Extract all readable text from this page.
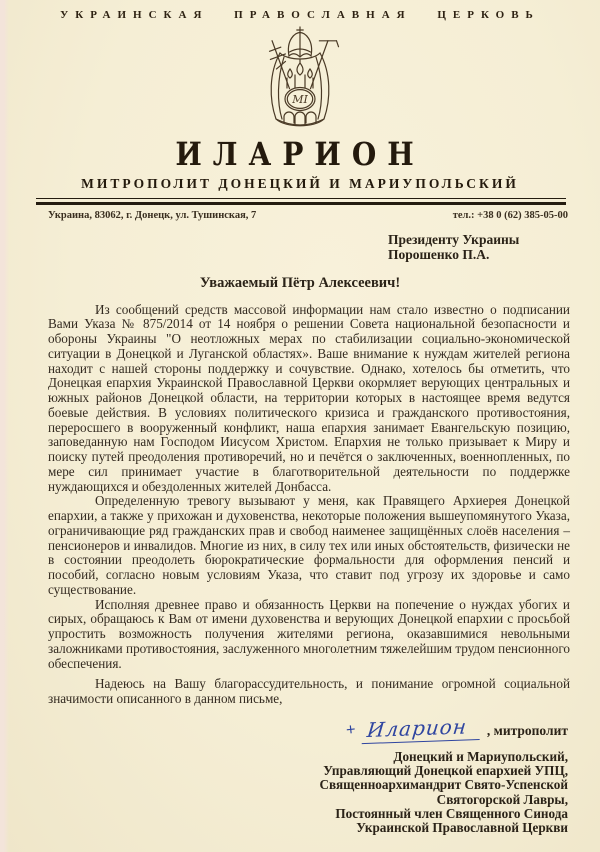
УКРАИНСКАЯ ПРАВОСЛАВНАЯ ЦЕРКОВЬ
МІ
ИЛАРИОН
МИТРОПОЛИТ ДОНЕЦКИЙ И МАРИУПОЛЬСКИЙ
Украина, 83062, г. Донецк, ул. Тушинская, 7	тел.: +38 0 (62) 385-05-00
Президенту Украины
Порошенко П.А.
Уважаемый Пётр Алексеевич!

Из сообщений средств массовой информации нам стало известно о подписании Вами Указа № 875/2014 от 14 ноября о решении Совета национальной безопасности и обороны Украины "О неотложных мерах по стабилизации социально-экономической ситуации в Донецкой и Луганской областях». Ваше внимание к нуждам жителей региона находит с нашей стороны поддержку и сочувствие. Однако, хотелось бы отметить, что Донецкая епархия Украинской Православной Церкви окормляет верующих центральных и южных районов Донецкой области, на территории которых в настоящее время ведутся боевые действия. В условиях политического кризиса и гражданского противостояния, переросшего в вооруженный конфликт, наша епархия занимает Евангельскую позицию, заповеданную нам Господом Иисусом Христом. Епархия не только призывает к Миру и поиску путей преодоления противоречий, но и печётся о заключенных, военнопленных, по мере сил принимает участие в благотворительной деятельности по поддержке нуждающихся и обездоленных жителей Донбасса.

Определенную тревогу вызывают у меня, как Правящего Архиерея Донецкой епархии, а также у прихожан и духовенства, некоторые положения вышеупомянутого Указа, ограничивающие ряд гражданских прав и свобод наименее защищённых слоёв населения – пенсионеров и инвалидов. Многие из них, в силу тех или иных обстоятельств, физически не в состоянии преодолеть бюрократические формальности для оформления пенсий и пособий, согласно новым условиям Указа, что ставит под угрозу их здоровье и само существование.

Исполняя древнее право и обязанность Церкви на попечение о нуждах убогих и сирых, обращаюсь к Вам от имени духовенства и верующих Донецкой епархии с просьбой упростить возможность получения жителями региона, оказавшимися невольными заложниками противостояния, заслуженного многолетним тяжелейшим трудом пенсионного обеспечения.

Надеюсь на Вашу благорассудительность, и понимание огромной социальной значимости описанного в данном письме,

+ Иларион	, митрополит
Донецкий и Мариупольский,
Управляющий Донецкой епархией УПЦ,
Священноархимандрит Свято-Успенской
Святогорской Лавры,
Постоянный член Священного Синода
Украинской Православной Церкви
